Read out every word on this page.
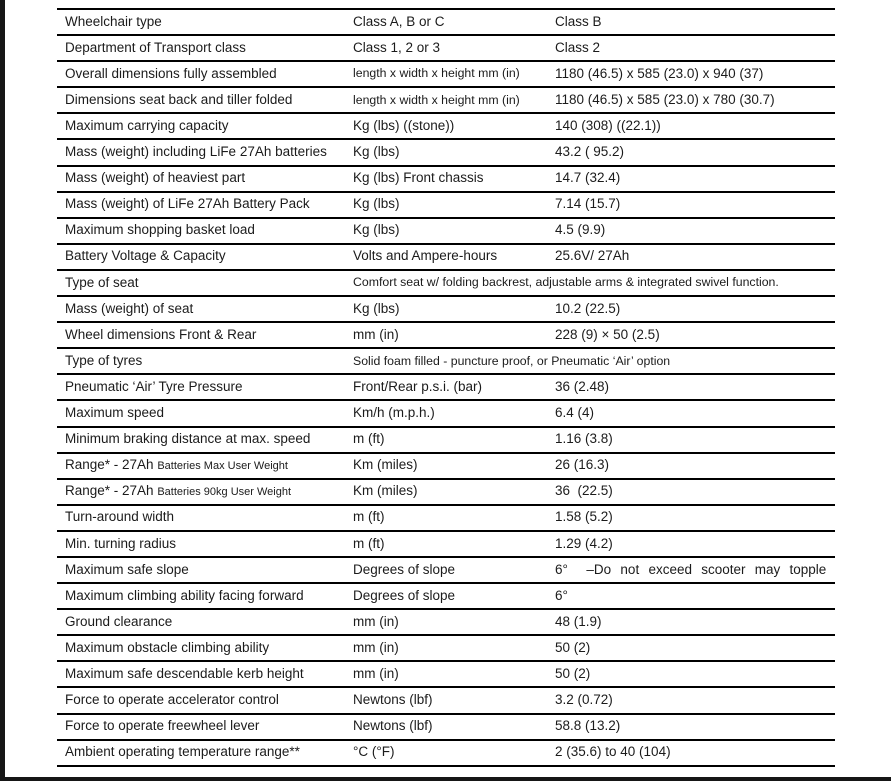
Wheelchair type	Class A, B or C	Class B
Department of Transport class	Class 1, 2 or 3	Class 2
Overall dimensions fully assembled	length x width x height mm (in)	1180 (46.5) x 585 (23.0) x 940 (37)
Dimensions seat back and tiller folded	length x width x height mm (in)	1180 (46.5) x 585 (23.0) x 780 (30.7)
Maximum carrying capacity	Kg (lbs) ((stone))	140 (308) ((22.1))
Mass (weight) including LiFe 27Ah batteries	Kg (lbs)	43.2 ( 95.2)
Mass (weight) of heaviest part	Kg (lbs) Front chassis	14.7 (32.4)
Mass (weight) of LiFe 27Ah Battery Pack	Kg (lbs)	7.14 (15.7)
Maximum shopping basket load	Kg (lbs)	4.5 (9.9)
Battery Voltage & Capacity	Volts and Ampere-hours	25.6V/ 27Ah
Type of seat	Comfort seat w/ folding backrest, adjustable arms & integrated swivel function.
Mass (weight) of seat	Kg (lbs)	10.2 (22.5)
Wheel dimensions Front & Rear	mm (in)	228 (9) × 50 (2.5)
Type of tyres	Solid foam filled - puncture proof, or Pneumatic ‘Air’ option
Pneumatic ‘Air’ Tyre Pressure	Front/Rear p.s.i. (bar)	36 (2.48)
Maximum speed	Km/h (m.p.h.)	6.4 (4)
Minimum braking distance at max. speed	m (ft)	1.16 (3.8)
Range* - 27Ah Batteries Max User Weight	Km (miles)	26 (16.3)
Range* - 27Ah Batteries 90kg User Weight	Km (miles)	36  (22.5)
Turn-around width	m (ft)	1.58 (5.2)
Min. turning radius	m (ft)	1.29 (4.2)
Maximum safe slope	Degrees of slope	6°  –Do not exceed scooter may topple
Maximum climbing ability facing forward	Degrees of slope	6°
Ground clearance	mm (in)	48 (1.9)
Maximum obstacle climbing ability	mm (in)	50 (2)
Maximum safe descendable kerb height	mm (in)	50 (2)
Force to operate accelerator control	Newtons (lbf)	3.2 (0.72)
Force to operate freewheel lever	Newtons (lbf)	58.8 (13.2)
Ambient operating temperature range**	°C (°F)	2 (35.6) to 40 (104)
